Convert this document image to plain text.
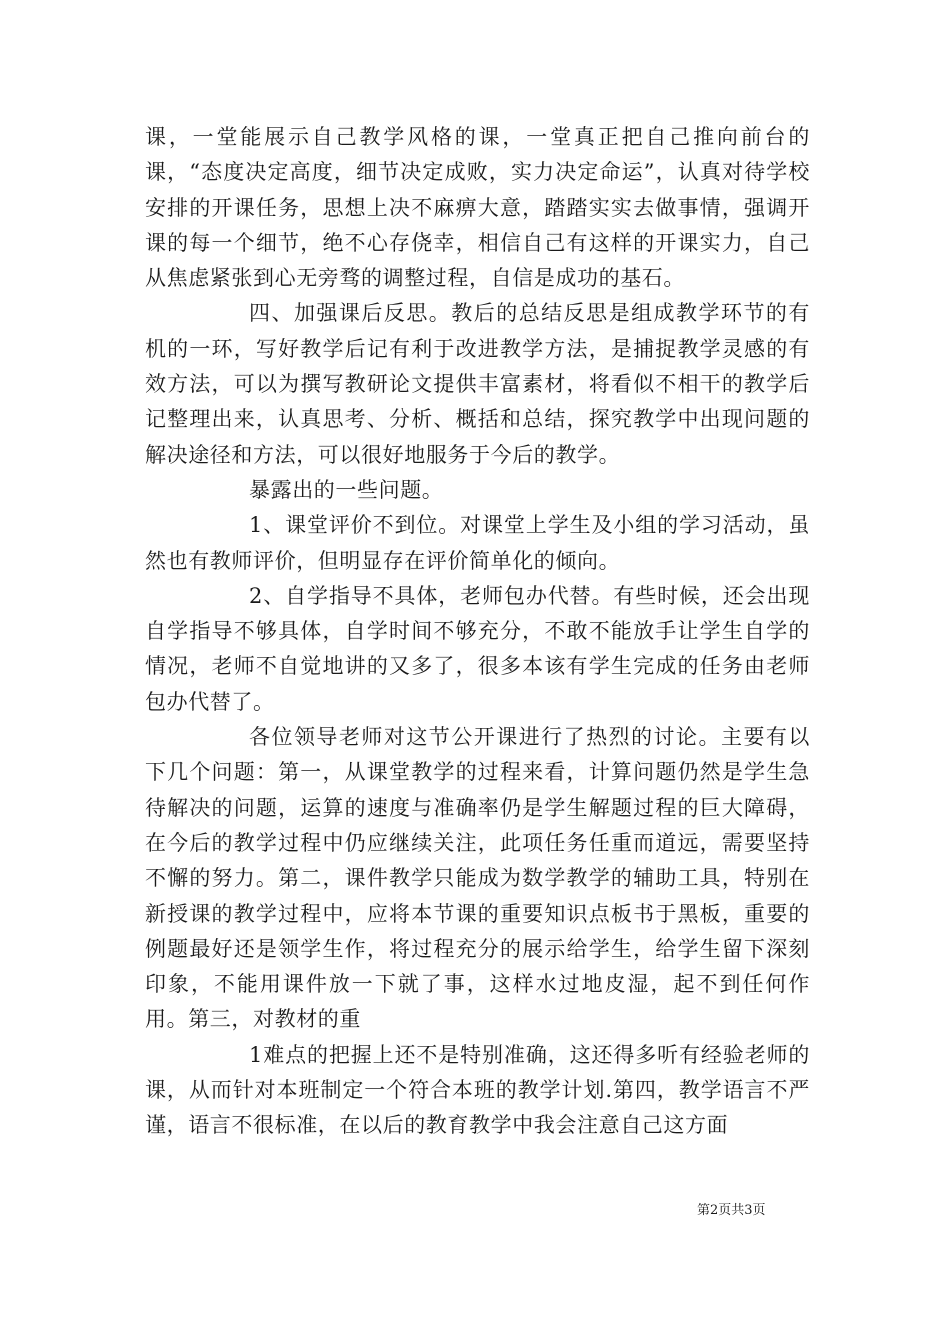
课，一堂能展示自己教学风格的课，一堂真正把自己推向前台的课，“态度决定高度，细节决定成败，实力决定命运”，认真对待学校安排的开课任务，思想上决不麻痹大意，踏踏实实去做事情，强调开课的每一个细节，绝不心存侥幸，相信自己有这样的开课实力，自己从焦虑紧张到心无旁骛的调整过程，自信是成功的基石。

四、加强课后反思。教后的总结反思是组成教学环节的有机的一环，写好教学后记有利于改进教学方法，是捕捉教学灵感的有效方法，可以为撰写教研论文提供丰富素材，将看似不相干的教学后记整理出来，认真思考、分析、概括和总结，探究教学中出现问题的解决途径和方法，可以很好地服务于今后的教学。

暴露出的一些问题。

1、课堂评价不到位。对课堂上学生及小组的学习活动，虽然也有教师评价，但明显存在评价简单化的倾向。

2、自学指导不具体，老师包办代替。有些时候，还会出现自学指导不够具体，自学时间不够充分，不敢不能放手让学生自学的情况，老师不自觉地讲的又多了，很多本该有学生完成的任务由老师包办代替了。

各位领导老师对这节公开课进行了热烈的讨论。主要有以下几个问题：第一，从课堂教学的过程来看，计算问题仍然是学生急待解决的问题，运算的速度与准确率仍是学生解题过程的巨大障碍，在今后的教学过程中仍应继续关注，此项任务任重而道远，需要坚持不懈的努力。第二，课件教学只能成为数学教学的辅助工具，特别在新授课的教学过程中，应将本节课的重要知识点板书于黑板，重要的例题最好还是领学生作，将过程充分的展示给学生，给学生留下深刻印象，不能用课件放一下就了事，这样水过地皮湿，起不到任何作用。第三，对教材的重

1难点的把握上还不是特别准确，这还得多听有经验老师的课，从而针对本班制定一个符合本班的教学计划.第四，教学语言不严谨，语言不很标准，在以后的教育教学中我会注意自己这方面

第2页共3页
